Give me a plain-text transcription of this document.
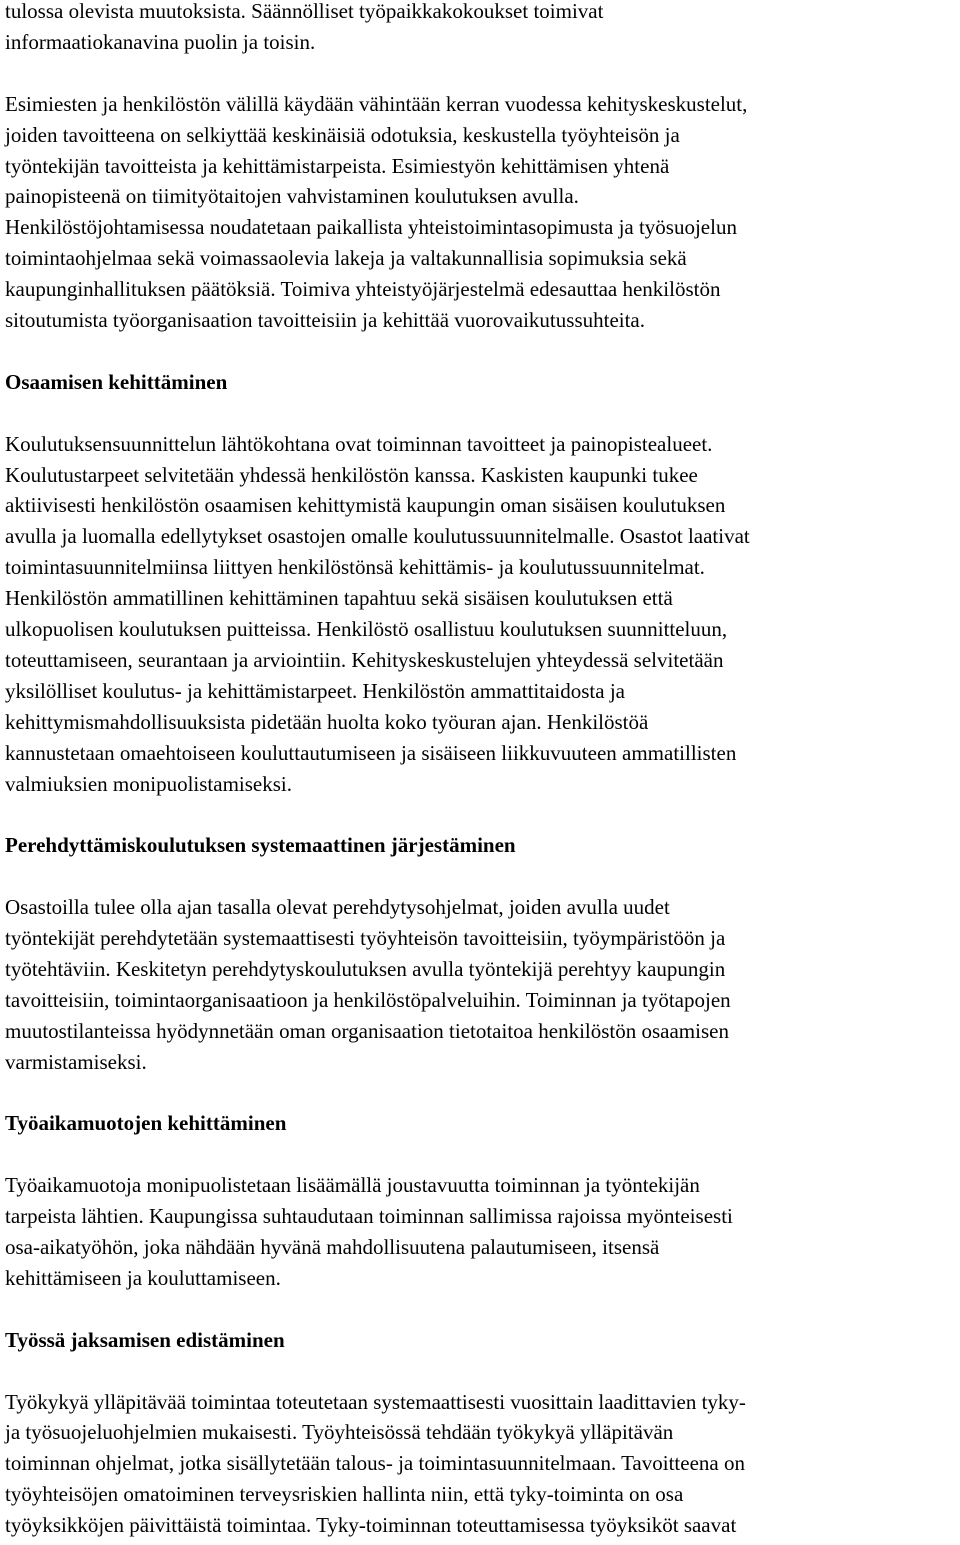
tulossa olevista muutoksista. Säännölliset työpaikkakokoukset toimivat
informaatiokanavina puolin ja toisin.
Esimiesten ja henkilöstön välillä käydään vähintään kerran vuodessa kehityskeskustelut,
joiden tavoitteena on selkiyttää keskinäisiä odotuksia, keskustella työyhteisön ja
työntekijän tavoitteista ja kehittämistarpeista. Esimiestyön kehittämisen yhtenä
painopisteenä on tiimityötaitojen vahvistaminen koulutuksen avulla.
Henkilöstöjohtamisessa noudatetaan paikallista yhteistoimintasopimusta ja työsuojelun
toimintaohjelmaa sekä voimassaolevia lakeja ja valtakunnallisia sopimuksia sekä
kaupunginhallituksen päätöksiä. Toimiva yhteistyöjärjestelmä edesauttaa henkilöstön
sitoutumista työorganisaation tavoitteisiin ja kehittää vuorovaikutussuhteita.
Osaamisen kehittäminen
Koulutuksensuunnittelun lähtökohtana ovat toiminnan tavoitteet ja painopistealueet.
Koulutustarpeet selvitetään yhdessä henkilöstön kanssa. Kaskisten kaupunki tukee
aktiivisesti henkilöstön osaamisen kehittymistä kaupungin oman sisäisen koulutuksen
avulla ja luomalla edellytykset osastojen omalle koulutussuunnitelmalle. Osastot laativat
toimintasuunnitelmiinsa liittyen henkilöstönsä kehittämis- ja koulutussuunnitelmat.
Henkilöstön ammatillinen kehittäminen tapahtuu sekä sisäisen koulutuksen että
ulkopuolisen koulutuksen puitteissa. Henkilöstö osallistuu koulutuksen suunnitteluun,
toteuttamiseen, seurantaan ja arviointiin. Kehityskeskustelujen yhteydessä selvitetään
yksilölliset koulutus- ja kehittämistarpeet. Henkilöstön ammattitaidosta ja
kehittymismahdollisuuksista pidetään huolta koko työuran ajan. Henkilöstöä
kannustetaan omaehtoiseen kouluttautumiseen ja sisäiseen liikkuvuuteen ammatillisten
valmiuksien monipuolistamiseksi.
Perehdyttämiskoulutuksen systemaattinen järjestäminen
Osastoilla tulee olla ajan tasalla olevat perehdytysohjelmat, joiden avulla uudet
työntekijät perehdytetään systemaattisesti työyhteisön tavoitteisiin, työympäristöön ja
työtehtäviin. Keskitetyn perehdytyskoulutuksen avulla työntekijä perehtyy kaupungin
tavoitteisiin, toimintaorganisaatioon ja henkilöstöpalveluihin. Toiminnan ja työtapojen
muutostilanteissa hyödynnetään oman organisaation tietotaitoa henkilöstön osaamisen
varmistamiseksi.
Työaikamuotojen kehittäminen
Työaikamuotoja monipuolistetaan lisäämällä joustavuutta toiminnan ja työntekijän
tarpeista lähtien. Kaupungissa suhtaudutaan toiminnan sallimissa rajoissa myönteisesti
osa-aikatyöhön, joka nähdään hyvänä mahdollisuutena palautumiseen, itsensä
kehittämiseen ja kouluttamiseen.
Työssä jaksamisen edistäminen
Työkykyä ylläpitävää toimintaa toteutetaan systemaattisesti vuosittain laadittavien tyky-
ja työsuojeluohjelmien mukaisesti. Työyhteisössä tehdään työkykyä ylläpitävän
toiminnan ohjelmat, jotka sisällytetään talous- ja toimintasuunnitelmaan. Tavoitteena on
työyhteisöjen omatoiminen terveysriskien hallinta niin, että tyky-toiminta on osa
työyksikköjen päivittäistä toimintaa. Tyky-toiminnan toteuttamisessa työyksiköt saavat
